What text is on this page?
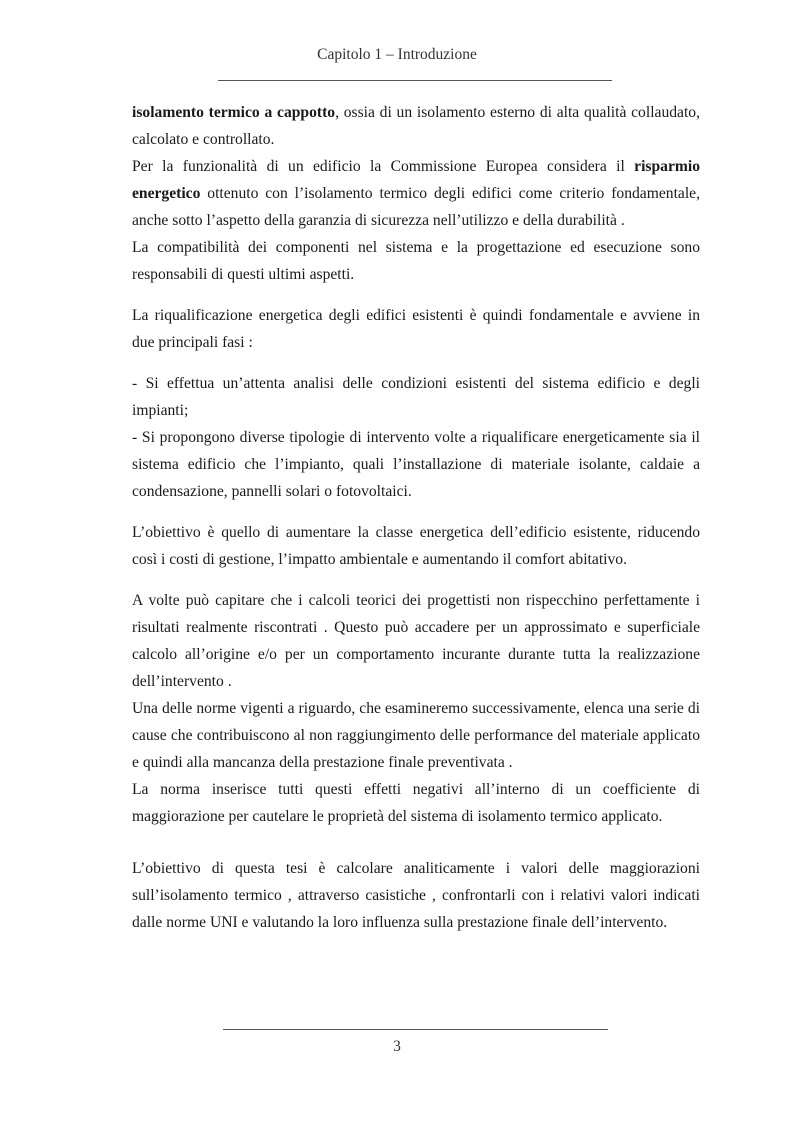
Capitolo 1 – Introduzione

isolamento termico a cappotto, ossia di un isolamento esterno di alta qualità collaudato, calcolato e controllato.

Per la funzionalità di un edificio la Commissione Europea considera il risparmio energetico ottenuto con l’isolamento termico degli edifici come criterio fondamentale, anche sotto l’aspetto della garanzia di sicurezza nell’utilizzo e della durabilità .

La compatibilità dei componenti nel sistema e la progettazione ed esecuzione sono responsabili di questi ultimi aspetti.

La riqualificazione energetica degli edifici esistenti è quindi fondamentale e avviene in due principali fasi :

- Si effettua un’attenta analisi delle condizioni esistenti del sistema edificio e degli impianti;

- Si propongono diverse tipologie di intervento volte a riqualificare energeticamente sia il sistema edificio che l’impianto, quali l’installazione di materiale isolante, caldaie a condensazione, pannelli solari o fotovoltaici.

L’obiettivo è quello di aumentare la classe energetica dell’edificio esistente, riducendo così i costi di gestione, l’impatto ambientale e aumentando il comfort abitativo.

A volte può capitare che i calcoli teorici dei progettisti non rispecchino perfettamente i risultati realmente riscontrati . Questo può accadere per un approssimato e superficiale calcolo all’origine e/o per un comportamento incurante durante tutta la realizzazione dell’intervento .

Una delle norme vigenti a riguardo, che esamineremo successivamente, elenca una serie di cause che contribuiscono al non raggiungimento delle performance del materiale applicato e quindi alla mancanza della prestazione finale preventivata .

La norma inserisce tutti questi effetti negativi all’interno di un coefficiente di maggiorazione per cautelare le proprietà del sistema di isolamento termico applicato.

L’obiettivo di questa tesi è calcolare analiticamente i valori delle maggiorazioni sull’isolamento termico , attraverso casistiche , confrontarli con i relativi valori indicati dalle norme UNI e valutando la loro influenza sulla prestazione finale dell’intervento.

3
